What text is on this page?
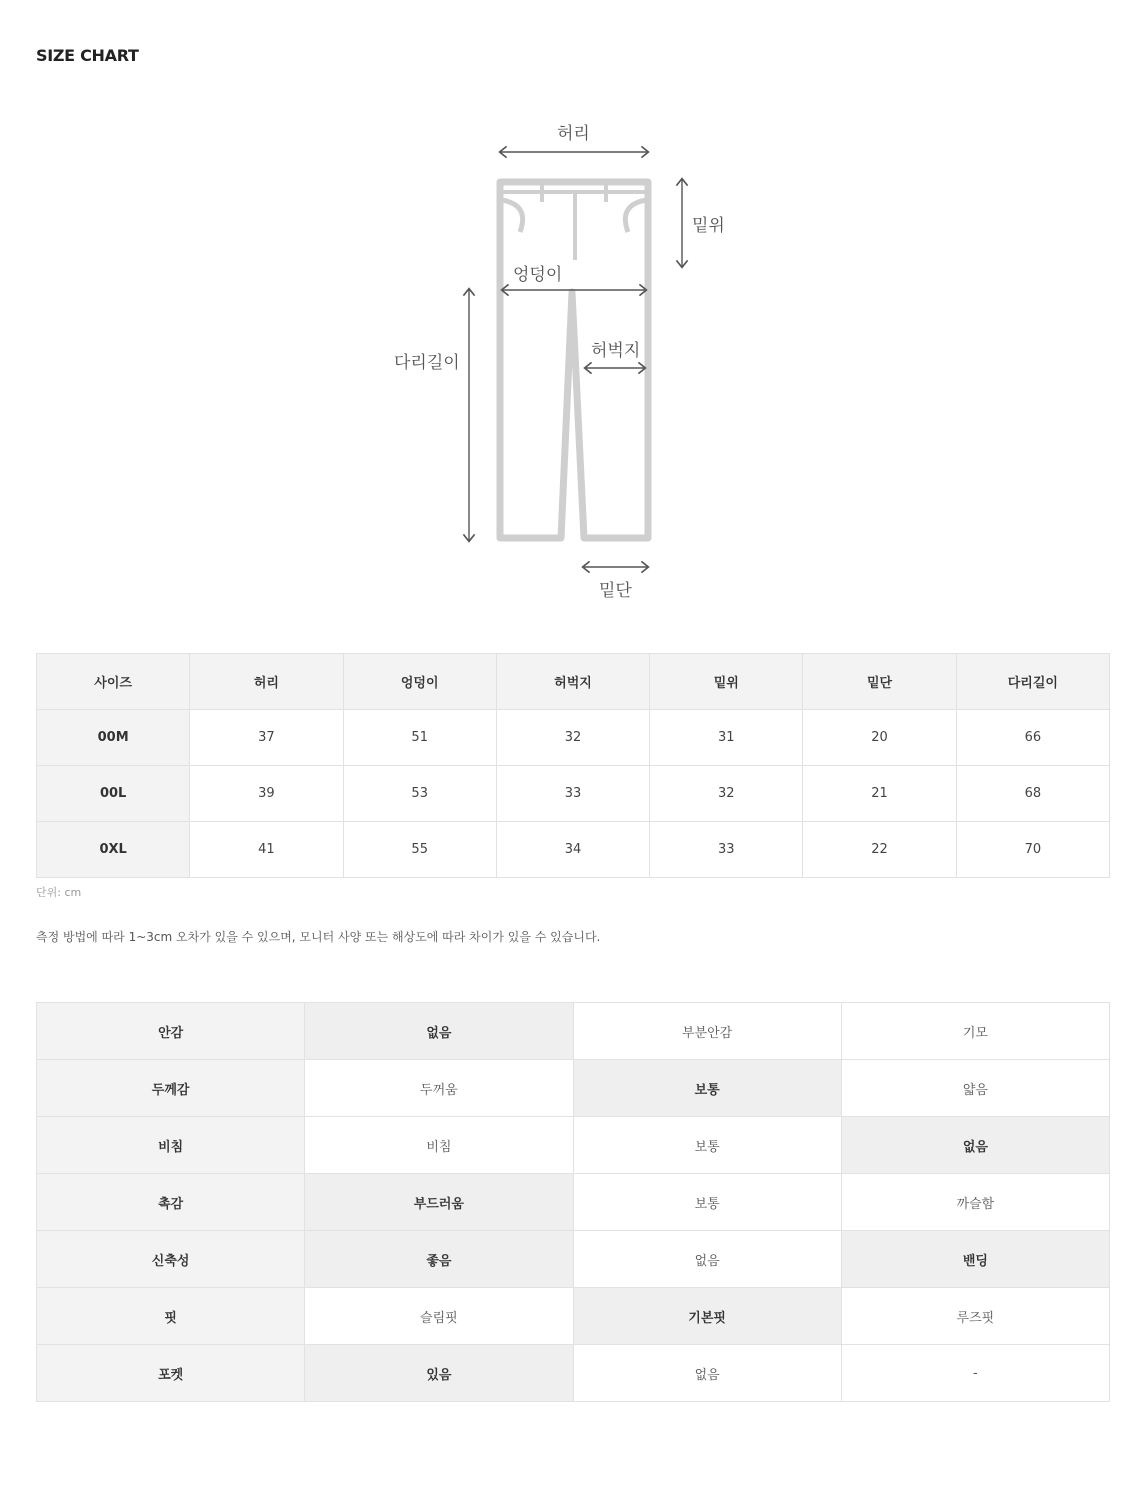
SIZE CHART
허리
밑위
엉덩이
허벅지
다리길이
밑단
사이즈	허리	엉덩이	허벅지	밑위	밑단	다리길이
00M	37	51	32	31	20	66
00L	39	53	33	32	21	68
0XL	41	55	34	33	22	70
단위: cm
측정 방법에 따라 1~3cm 오차가 있을 수 있으며, 모니터 사양 또는 해상도에 따라 차이가 있을 수 있습니다.
안감	없음	부분안감	기모
두께감	두꺼움	보통	얇음
비침	비침	보통	없음
촉감	부드러움	보통	까슬함
신축성	좋음	없음	밴딩
핏	슬림핏	기본핏	루즈핏
포켓	있음	없음	-
